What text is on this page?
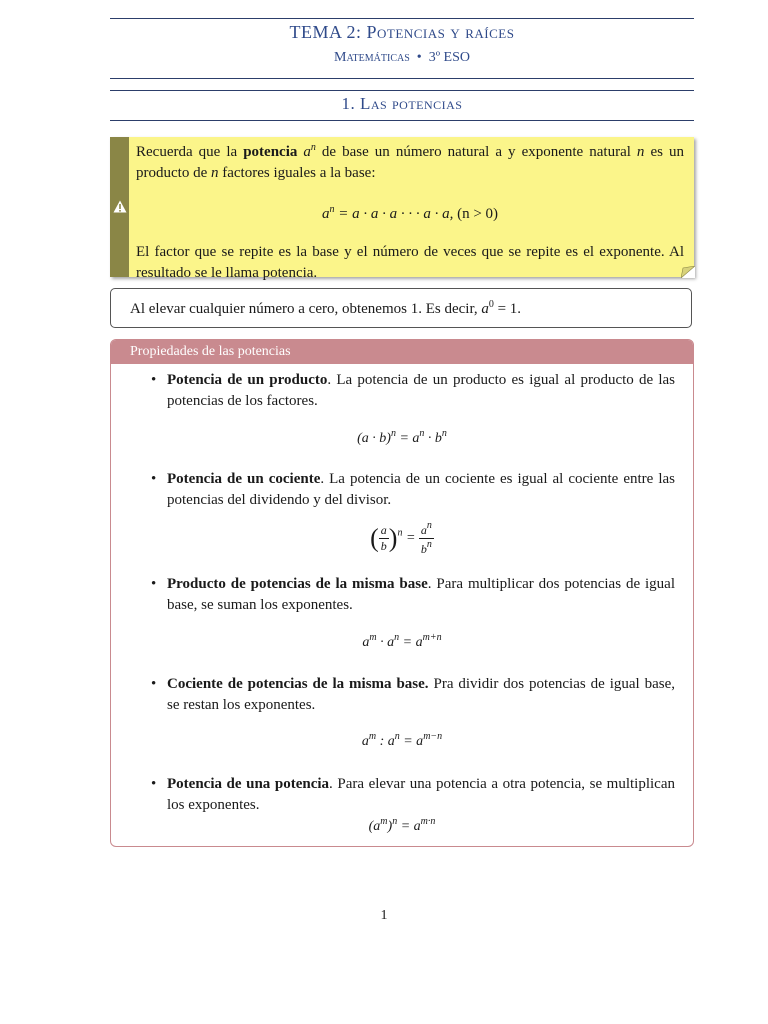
TEMA 2: Potencias y raíces
Matemáticas • 3º ESO
1. Las potencias

Recuerda que la potencia $a^n$ de base un número natural a y exponente natural n es un producto de n factores iguales a la base:

$a^n = a \cdot a \cdot a$ · · · a · a, (n > 0)

El factor que se repite es la base y el número de veces que se repite es el exponente. Al resultado se le llama potencia.

Al elevar cualquier número a cero, obtenemos 1. Es decir, $a^0 = 1$.
Propiedades de las potencias
• Potencia de un producto. La potencia de un producto es igual al producto de las potencias de los factores.

$(a \cdot b)^n = a^n \cdot b^n$
• Potencia de un cociente. La potencia de un cociente es igual al cociente entre las potencias del dividendo y del divisor.

( $\frac{a}{b} )^n = \frac{a^n}{b^n}$
• Producto de potencias de la misma base. Para multiplicar dos potencias de igual base, se suman los exponentes.

$a^m \cdot a^n = a^{m+n}$
• Cociente de potencias de la misma base. Pra dividir dos potencias de igual base, se restan los exponentes.

$a^m$ : $a^n = a^{m-n}$
• Potencia de una potencia. Para elevar una potencia a otra potencia, se multiplican los exponentes.

$(a^m)^n = a^{m\cdot n}$
1
